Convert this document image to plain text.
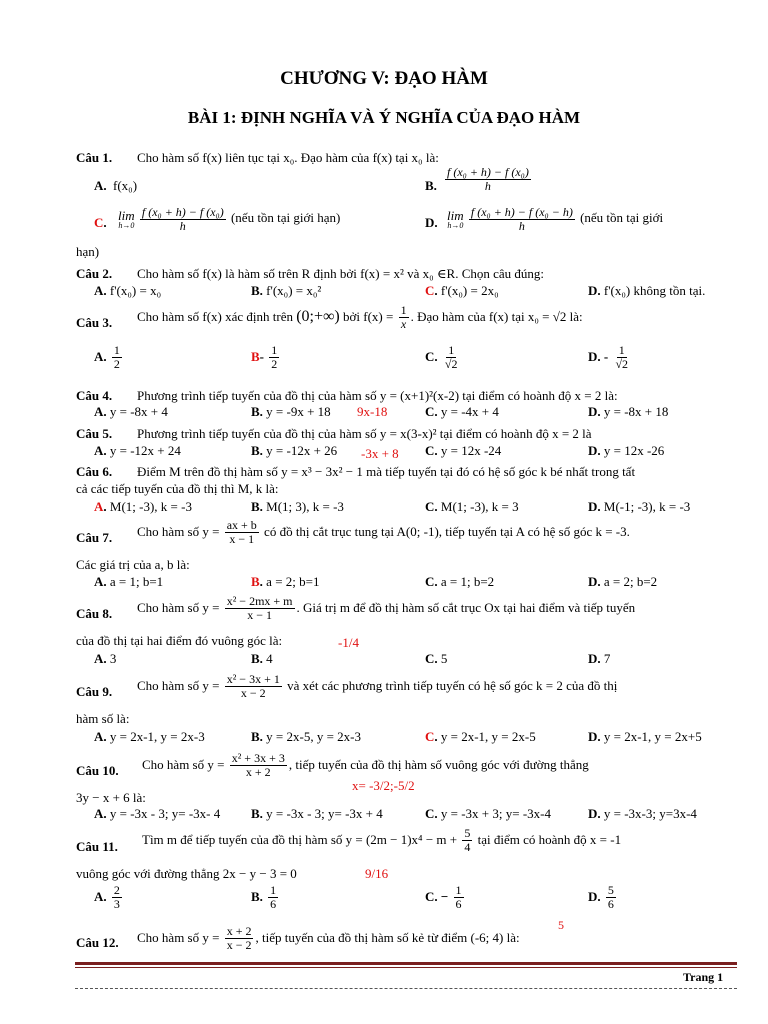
CHƯƠNG V: ĐẠO HÀM
BÀI 1: ĐỊNH NGHĨA VÀ Ý NGHĨA CỦA ĐẠO HÀM
Câu 1. Cho hàm số f(x) liên tục tại x₀. Đạo hàm của f(x) tại x₀ là:
A. f(x₀)	B. $\frac{\text{f (x₀ + h) − f (x₀)}}{h}$
C. lim
h→0
$\frac{\text{f (x₀ + h) − f (x₀)}}{h}$ (nếu tồn tại giới hạn)	D. lim
h→0
$\frac{\text{f (x₀ + h) − f (x₀ − h)}}{h}$ (nếu tồn tại giới
hạn)
Câu 2. Cho hàm số f(x) là hàm số trên R định bởi f(x) = x² và x₀ ∈R. Chọn câu đúng:
A. f'(x₀) = x₀	B. f'(x₀) = x₀²	C. f'(x₀) = 2x₀	D. f'(x₀) không tồn tại.
Câu 3. Cho hàm số f(x) xác định trên (0;+∞) bởi $f(x) = \frac{1}{x}$ . Đạo hàm của f(x) tại x₀ = √2 là:
A. $\frac{1}{2}$	$B- \frac{1}{2}$	C. $\frac{1}{√2}$	D. - $\frac{1}{√2}$
Câu 4. Phương trình tiếp tuyến của đồ thị của hàm số y = (x+1)²(x-2) tại điểm có hoành độ x = 2 là:
A. y = -8x + 4	B. y = -9x + 18 9x-18	C. y = -4x + 4	D. y = -8x + 18
Câu 5. Phương trình tiếp tuyến của đồ thị của hàm số y = x(3-x)² tại điểm có hoành độ x = 2 là
A. y = -12x + 24	B. y = -12x + 26 -3x + 8 C. y = 12x -24	D. y = 12x -26
Câu 6. Điểm M trên đồ thị hàm số y = x³ − 3x² − 1 mà tiếp tuyến tại đó có hệ số góc k bé nhất trong tất
cả các tiếp tuyến của đồ thị thì M, k là:
A. M(1; -3), k = -3	B. M(1; 3), k = -3	C. M(1; -3), k = 3	D. M(-1; -3), k = -3
Câu 7. Cho hàm số $y = \frac{ax + b}{x - 1}$ có đồ thị cắt trục tung tại A(0; -1), tiếp tuyến tại A có hệ số góc k = -3.
Các giá trị của a, b là:
A. a = 1; b=1	B. a = 2; b=1	C. a = 1; b=2	D. a = 2; b=2
Câu 8. Cho hàm số $y = \frac{\text{x² − 2mx + m}}{x - 1}$ . Giá trị m để đồ thị hàm số cắt trục Ox tại hai điểm và tiếp tuyến
của đồ thị tại hai điểm đó vuông góc là:	-1/4
A. 3	B. 4	C. 5	D. 7
Câu 9. Cho hàm số $y = \frac{\text{x² − 3x + 1}}{x - 2}$ và xét các phương trình tiếp tuyến có hệ số góc k = 2 của đồ thị
hàm số là:
A. y = 2x-1, y = 2x-3	B. y = 2x-5, y = 2x-3	C. y = 2x-1, y = 2x-5	D. y = 2x-1, y = 2x+5
Câu 10. Cho hàm số $y = \frac{\text{x² + 3x + 3}}{x + 2}$ , tiếp tuyến của đồ thị hàm số vuông góc với đường thẳng
x= -3/2;-5/2
3y − x + 6 là:
A. y = -3x - 3; y= -3x- 4 B. y = -3x - 3; y= -3x + 4	C. y = -3x + 3; y= -3x-4	D. y = -3x-3; y=3x-4
Câu 11. Tìm m để tiếp tuyến của đồ thị hàm số $y = (2m - 1)x^4 - m + \frac{5}{4}$ tại điểm có hoành độ x = -1
vuông góc với đường thẳng 2x − y − 3 = 0	9/16
A. $\frac{2}{3}$	B. $\frac{1}{6}$	C. − $\frac{1}{6}$	D. $\frac{5}{6}$
Câu 12. Cho hàm số $y = \frac{x + 2}{x - 2}$ , tiếp tuyến của đồ thị hàm số kẻ từ điểm (-6; 4) là:
5
Trang 1
